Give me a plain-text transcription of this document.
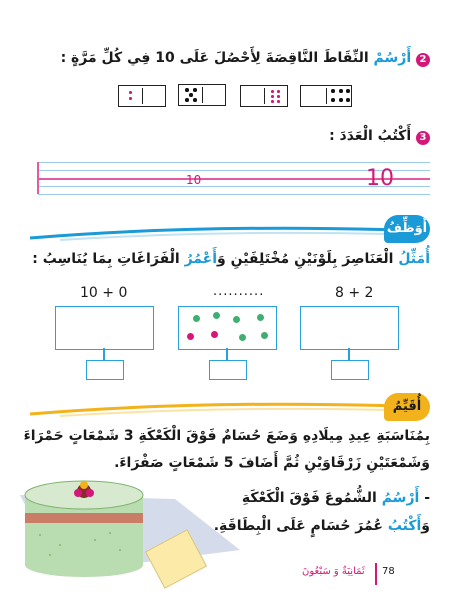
2 أَرْسُمْ النِّقَاطَ النَّاقِصَةَ لِأَحْصُلَ عَلَى 10 فِي كُلِّ مَرَّةٍ :
3 أَكْتُبُ الْعَدَدَ :
10	10
أُوَظِّفُ
أُمَثِّلُ الْعَنَاصِرَ بِلَوْنَيْنِ مُخْتَلِفَيْنِ وَأَعْمُرُ الْفَرَاغَاتِ بِمَا يُنَاسِبُ :
10 + 0	..........	8 + 2
أُقَيِّمُ
بِمُنَاسَبَةِ عِيدِ مِيلَادِهِ وَضَعَ حُسَامٌ فَوْقَ الْكَعْكَةِ 3 شَمْعَاتٍ حَمْرَاءَ
وَشَمْعَتَيْنِ زَرْقَاوَيْنِ ثُمَّ أَضَافَ 5 شَمْعَاتٍ صَفْرَاءَ.
- أَرْسُمُ الشُّمُوعَ فَوْقَ الْكَعْكَةِ
وَأَكْتُبُ عُمُرَ حُسَامٍ عَلَى الْبِطَاقَةِ.
ثَمَانِيَةٌ وَ سَبْعُونَ 78
